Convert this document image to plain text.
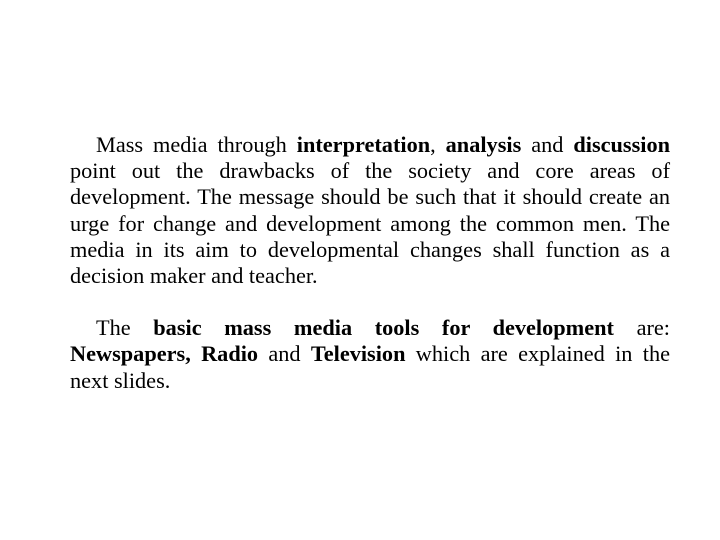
Mass media through interpretation, analysis and discussion point out the drawbacks of the society and core areas of development. The message should be such that it should create an urge for change and development among the common men. The media in its aim to developmental changes shall function as a decision maker and teacher.

The basic mass media tools for development are: Newspapers, Radio and Television which are explained in the next slides.
